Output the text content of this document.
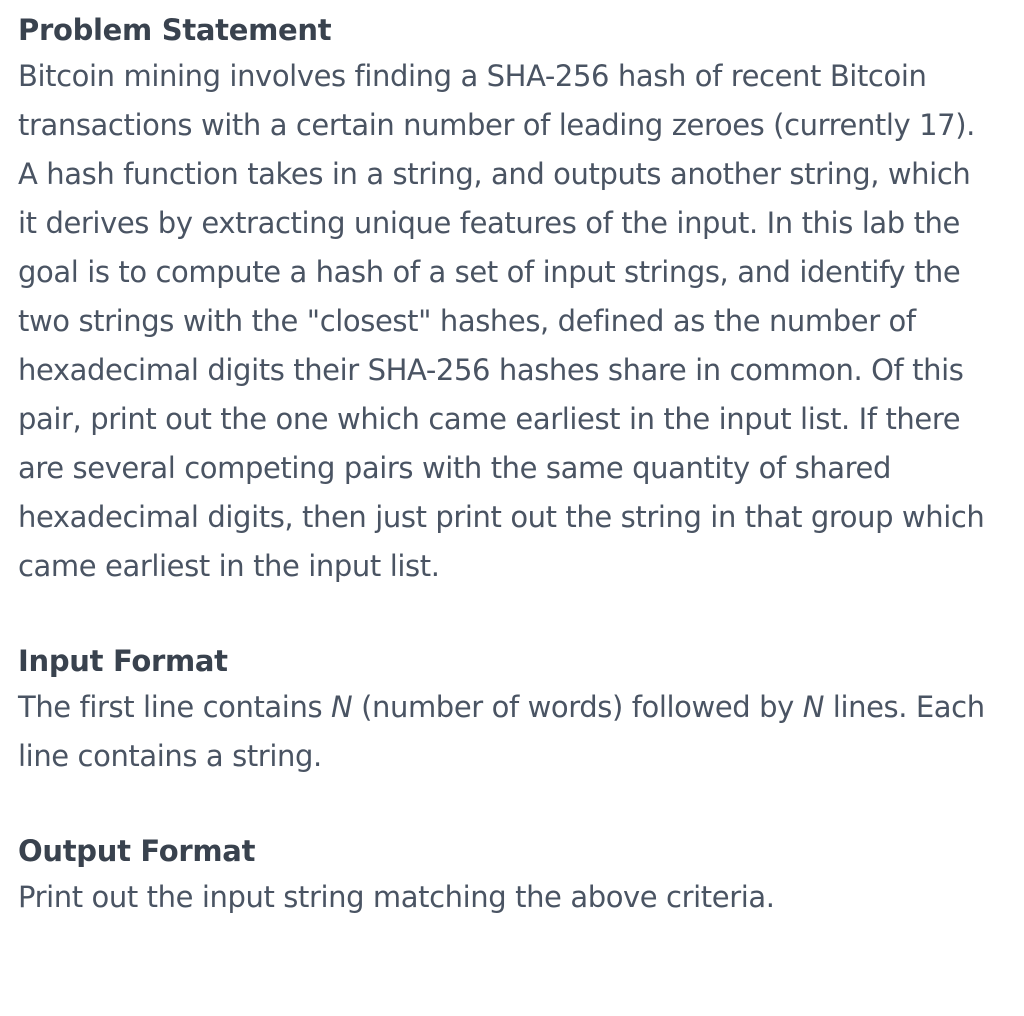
Problem Statement

Bitcoin mining involves finding a SHA-256 hash of recent Bitcoin transactions with a certain number of leading zeroes (currently 17). A hash function takes in a string, and outputs another string, which it derives by extracting unique features of the input. In this lab the goal is to compute a hash of a set of input strings, and identify the two strings with the "closest" hashes, defined as the number of hexadecimal digits their SHA-256 hashes share in common. Of this pair, print out the one which came earliest in the input list. If there are several competing pairs with the same quantity of shared hexadecimal digits, then just print out the string in that group which came earliest in the input list.

Input Format

The first line contains N (number of words) followed by N lines. Each line contains a string.

Output Format

Print out the input string matching the above criteria.
